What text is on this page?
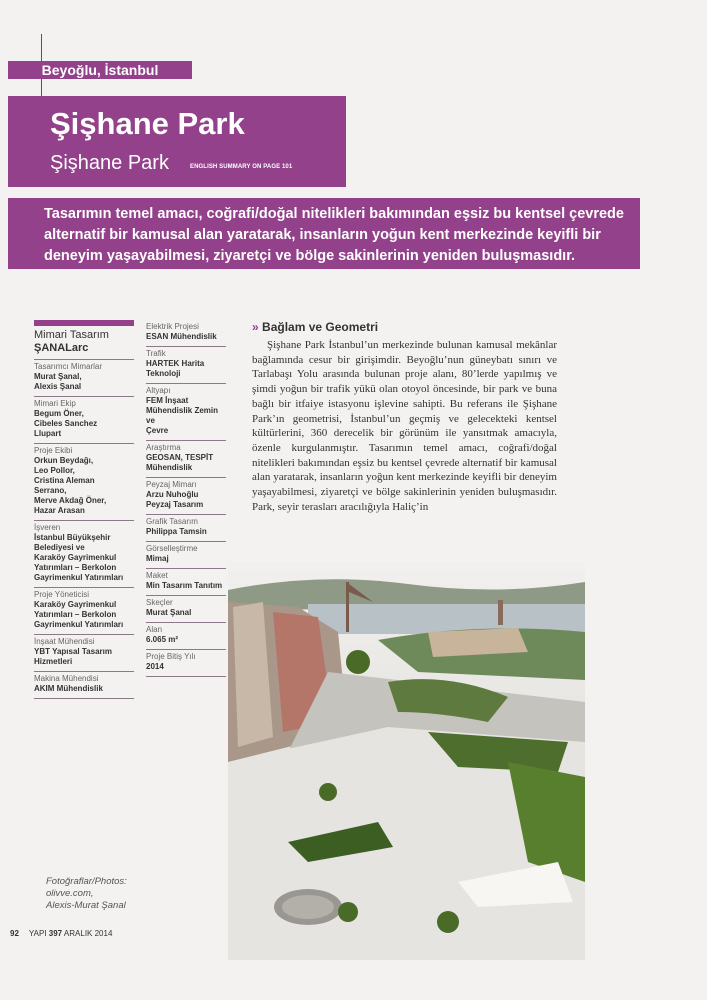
Beyoğlu, İstanbul
Şişhane Park
Şişhane Park	ENGLISH SUMMARY ON PAGE 101
Tasarımın temel amacı, coğrafi/doğal nitelikleri bakımından eşsiz bu kentsel çevrede
alternatif bir kamusal alan yaratarak, insanların yoğun kent merkezinde keyifli bir
deneyim yaşayabilmesi, ziyaretçi ve bölge sakinlerinin yeniden buluşmasıdır.
Mimari Tasarım
ŞANALarc
Tasarımcı Mimarlar
Murat Şanal,
Alexis Şanal
Mimari Ekip
Begum Öner,
Cibeles Sanchez
Llupart
Proje Ekibi
Orkun Beydağı,
Leo Pollor,
Cristina Aleman
Serrano,
Merve Akdağ Öner,
Hazar Arasan
İşveren
İstanbul Büyükşehir
Belediyesi ve
Karaköy Gayrimenkul
Yatırımları – Berkolon
Gayrimenkul Yatırımları
Proje Yöneticisi
Karaköy Gayrimenkul
Yatırımları – Berkolon
Gayrimenkul Yatırımları
İnşaat Mühendisi
YBT Yapısal Tasarım
Hizmetleri
Makina Mühendisi
AKIM Mühendislik
Elektrik Projesi
ESAN Mühendislik
Trafik
HARTEK Harita
Teknoloji
Altyapı
FEM İnşaat
Mühendislik Zemin ve
Çevre
Araştırma
GEOSAN, TESPİT
Mühendislik
Peyzaj Mimarı
Arzu Nuhoğlu
Peyzaj Tasarım
Grafik Tasarım
Philippa Tamsin
Görselleştirme
Mimaj
Maket
Min Tasarım Tanıtım
Skeçler
Murat Şanal
Alan
6.065 m²
Proje Bitiş Yılı
2014
Fotoğraflar/Photos:
olivve.com,
Alexis-Murat Şanal
» Bağlam ve Geometri

Şişhane Park İstanbul’un merkezinde bulunan kamusal mekânlar bağlamında cesur bir girişimdir. Beyoğlu’nun güneybatı sınırı ve Tarlabaşı Yolu arasında bulunan proje alanı, 80’lerde yapılmış ve şimdi yoğun bir trafik yükü olan otoyol öncesinde, bir park ve buna bağlı bir itfaiye istasyonu işlevine sahipti. Bu referans ile Şişhane Park’ın geometrisi, İstanbul’un geçmiş ve gelecekteki kentsel kültürlerini, 360 derecelik bir görünüm ile yansıtmak amacıyla, özenle kurgulanmıştır. Tasarımın temel amacı, coğrafi/doğal nitelikleri bakımından eşsiz bu kentsel çevrede alternatif bir kamusal alan yaratarak, insanların yoğun kent merkezinde keyifli bir deneyim yaşayabilmesi, ziyaretçi ve bölge sakinlerinin yeniden buluşmasıdır. Park, seyir terasları aracılığıyla Haliç’in

92 YAPI 397 ARALIK 2014
